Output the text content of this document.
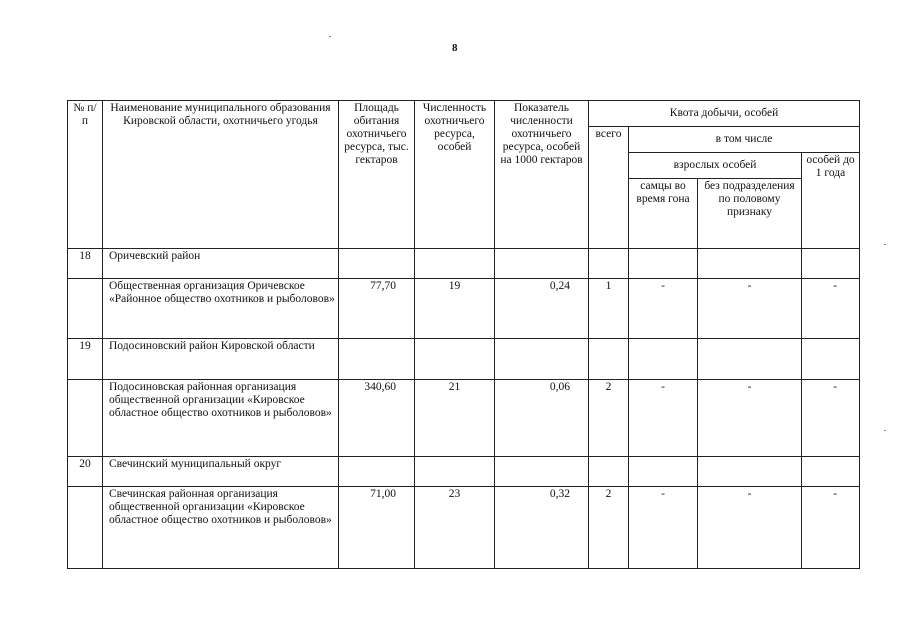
8
№ п/п	Наименование муниципального образования Кировской области, охотничьего угодья	Площадь обитания охотничьего ресурса, тыс. гектаров	Численность охотничьего ресурса, особей	Показатель численности охотничьего ресурса, особей на 1000 гектаров	Квота добычи, особей			
					всего	в том числе		
						взрослых особей		особей до 1 года
						самцы во время гона	без подразделения по половому признаку	
18	Оричевский район							
	Общественная организация Оричевское «Районное общество охотников и рыболовов»	77,70	19	0,24	1	-	-	-
19	Подосиновский район Кировской области							
	Подосиновская районная организация общественной организации «Кировское областное общество охотников и рыболовов»	340,60	21	0,06	2	-	-	-
20	Свечинский муниципальный округ							
	Свечинская районная организация общественной организации «Кировское областное общество охотников и рыболовов»	71,00	23	0,32	2	-	-	-
